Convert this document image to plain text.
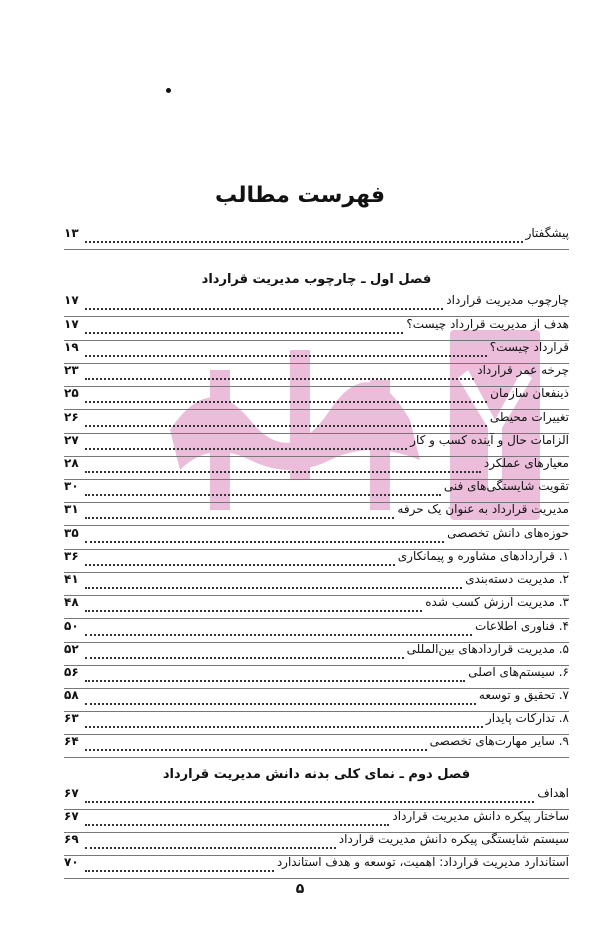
فهرست مطالب
پیشگفتار
۱۳
فصل اول ـ چارچوب مدیریت قرارداد
چارچوب مدیریت قرارداد
۱۷
هدف از مدیریت قرارداد چیست؟
۱۷
قرارداد چیست؟
۱۹
چرخه عمر قرارداد
۲۳
ذینفعان سازمان
۲۵
تغییرات محیطی
۲۶
الزامات حال و آینده کسب و کار
۲۷
معیارهای عملکرد
۲۸
تقویت شایستگی‌های فنی
۳۰
مدیریت قرارداد به عنوان یک حرفه
۳۱
حوزه‌های دانش تخصصی
۳۵
۱. قراردادهای مشاوره و پیمانکاری
۳۶
۲. مدیریت دسته‌بندی
۴۱
۳. مدیریت ارزش کسب شده
۴۸
۴. فناوری اطلاعات
۵۰
۵. مدیریت قراردادهای بین‌المللی
۵۲
۶. سیستم‌های اصلی
۵۶
۷. تحقیق و توسعه
۵۸
۸. تدارکات پایدار
۶۳
۹. سایر مهارت‌های تخصصی
۶۴
فصل دوم ـ نمای کلی بدنه دانش مدیریت قرارداد
اهداف
۶۷
ساختار پیکره دانش مدیریت قرارداد
۶۷
سیستم شایستگی پیکره دانش مدیریت قرارداد
۶۹
استاندارد مدیریت قرارداد: اهمیت، توسعه و هدف استاندارد
۷۰
۵
